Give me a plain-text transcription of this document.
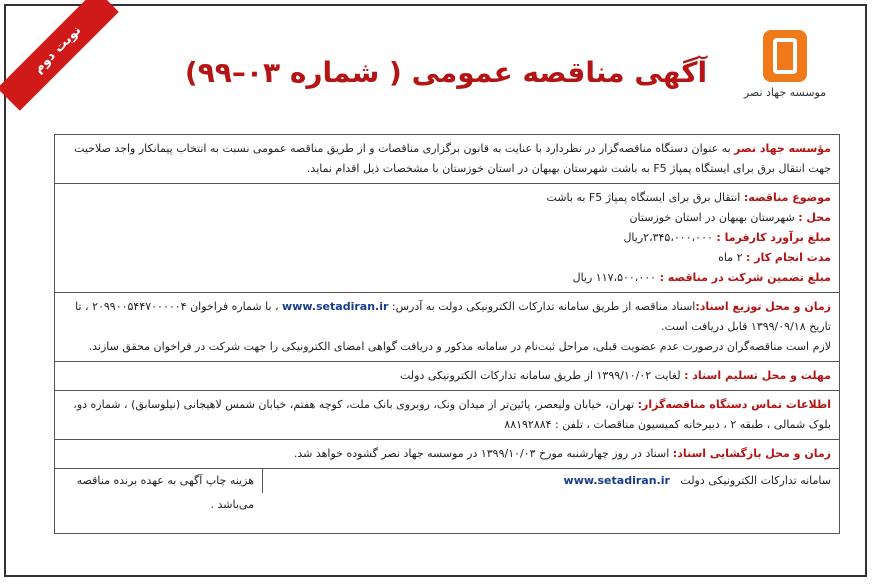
نوبت دوم
موسسه جهاد نصر
آگهی مناقصه عمومی ( شماره ۰۳–۹۹)
مؤسسه جهاد نصر به عنوان دستگاه مناقصه‌گزار در نظردارد با عنایت به قانون برگزاری مناقصات و از طریق مناقصه عمومی نسبت به انتخاب پیمانکار واجد صلاحیت جهت انتقال برق برای ایستگاه پمپاژ F5 به باشت شهرستان بهبهان در استان خوزستان با مشخصات ذیل اقدام نماید.
موضوع مناقصه: انتقال برق برای ایستگاه پمپاژ F5 به باشت
محل : شهرستان بهبهان در استان خوزستان
مبلغ برآورد کارفرما : ۲،۳۴۵،۰۰۰،۰۰۰ریال
مدت انجام کار : ۲ ماه
مبلغ تضمین شرکت در مناقصه : ۱۱۷،۵۰۰،۰۰۰ ریال
زمان و محل توزیع اسناد:اسناد مناقصه از طریق سامانه تدارکات الکترونیکی دولت به آدرس: www.setadiran.ir ، با شماره فراخوان ۲۰۹۹۰۰۵۴۴۷۰۰۰۰۰۴ ، تا تاریخ ۱۳۹۹/۰۹/۱۸ قابل دریافت است.
لازم است مناقصه‌گران درصورت عدم عضویت قبلی، مراحل ثبت‌نام در سامانه مذکور و دریافت گواهی امضای الکترونیکی را جهت شرکت در فراخوان محقق سازند.
مهلت و محل تسلیم اسناد : لغایت ۱۳۹۹/۱۰/۰۲ از طریق سامانه تدارکات الکترونیکی دولت
اطلاعات تماس دستگاه مناقصه‌گزار: تهران، خیابان ولیعصر، پائین‌تر از میدان ونک، روبروی بانک ملت، کوچه هفتم، خیابان شمس لاهیجانی (نیلوسابق) ، شماره دو، بلوک شمالی ، طبقه ۲ ، دبیرخانه کمیسیون مناقصات ، تلفن : ۸۸۱۹۲۸۸۴
زمان و محل بازگشایی اسناد: اسناد در روز چهارشنبه مورخ ۱۳۹۹/۱۰/۰۳ در موسسه جهاد نصر گشوده خواهد شد.
سامانه تدارکات الکترونیکی دولت   www.setadiran.ir
هزینه چاپ آگهی به عهده برنده مناقصه می‌باشد .
